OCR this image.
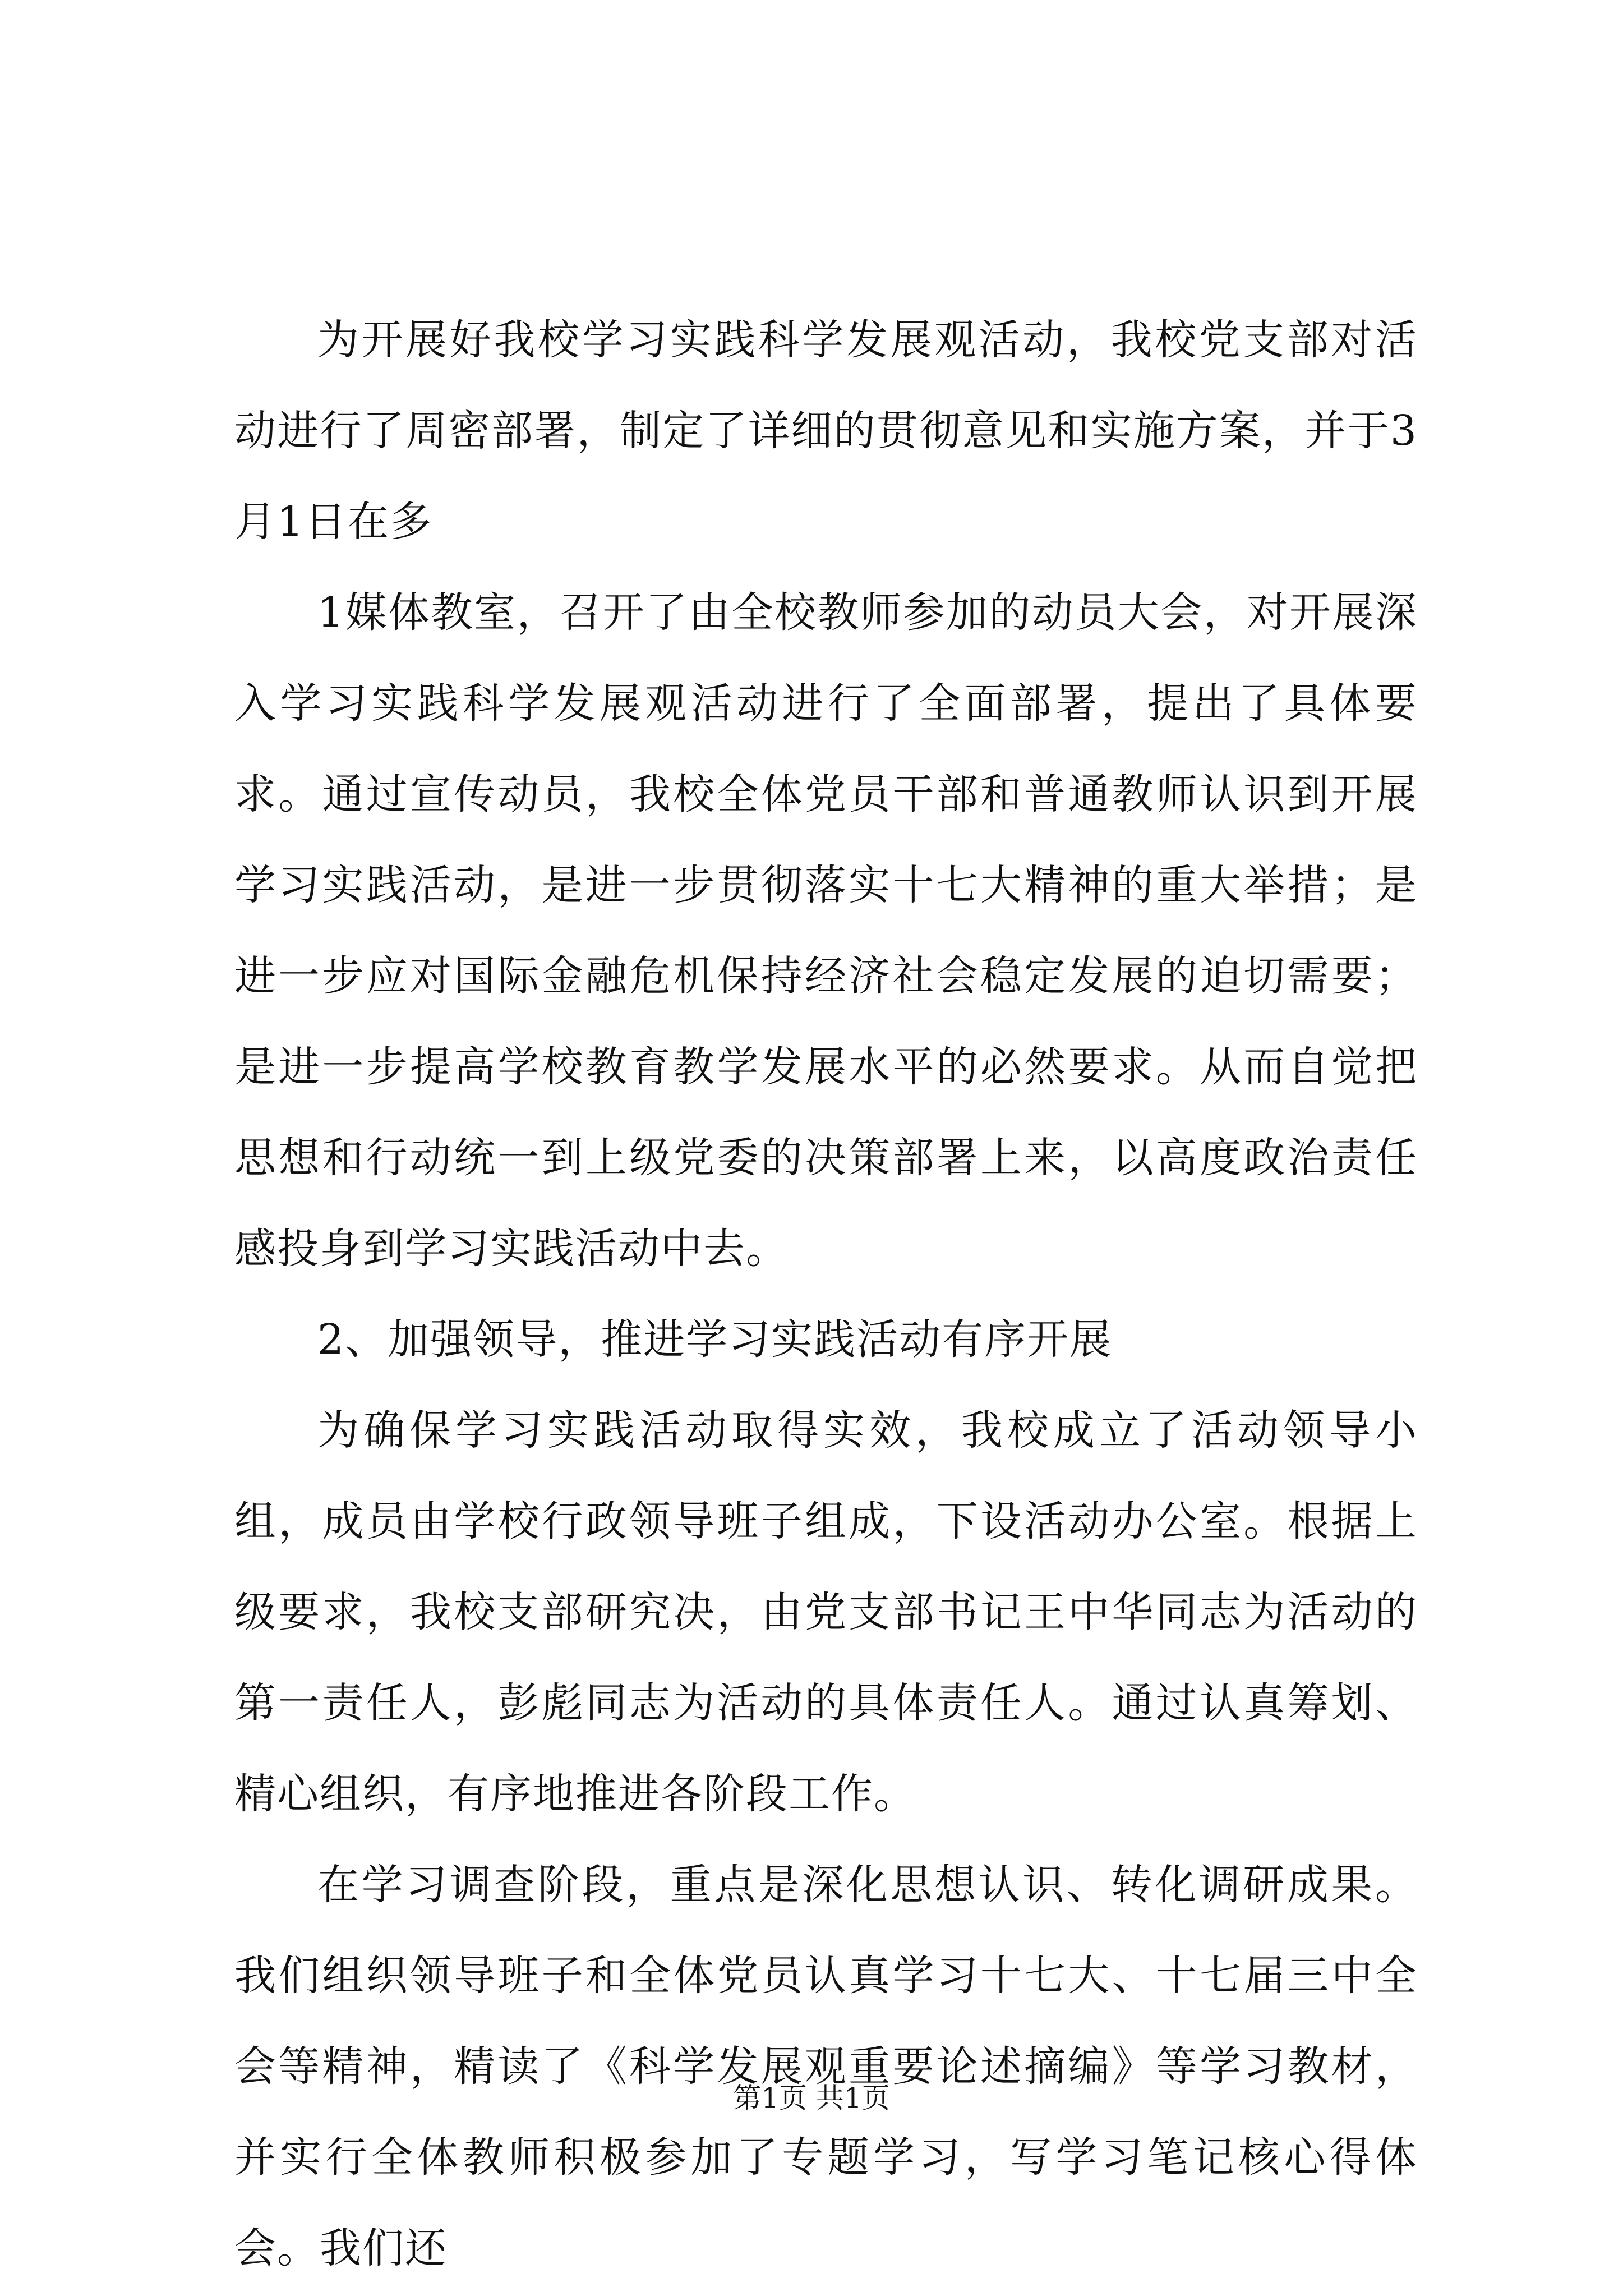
为开展好我校学习实践科学发展观活动，我校党支部对活动进行了周密部署，制定了详细的贯彻意见和实施方案，并于3月1日在多

1媒体教室，召开了由全校教师参加的动员大会，对开展深入学习实践科学发展观活动进行了全面部署，提出了具体要求。通过宣传动员，我校全体党员干部和普通教师认识到开展学习实践活动，是进一步贯彻落实十七大精神的重大举措；是进一步应对国际金融危机保持经济社会稳定发展的迫切需要；是进一步提高学校教育教学发展水平的必然要求。从而自觉把思想和行动统一到上级党委的决策部署上来，以高度政治责任感投身到学习实践活动中去。

2、加强领导，推进学习实践活动有序开展

为确保学习实践活动取得实效，我校成立了活动领导小组，成员由学校行政领导班子组成，下设活动办公室。根据上级要求，我校支部研究决，由党支部书记王中华同志为活动的第一责任人，彭彪同志为活动的具体责任人。通过认真筹划、精心组织，有序地推进各阶段工作。

在学习调查阶段，重点是深化思想认识、转化调研成果。我们组织领导班子和全体党员认真学习十七大、十七届三中全会等精神，精读了《科学发展观重要论述摘编》等学习教材，并实行全体教师积极参加了专题学习，写学习笔记核心得体会。我们还

第1页 共1页
